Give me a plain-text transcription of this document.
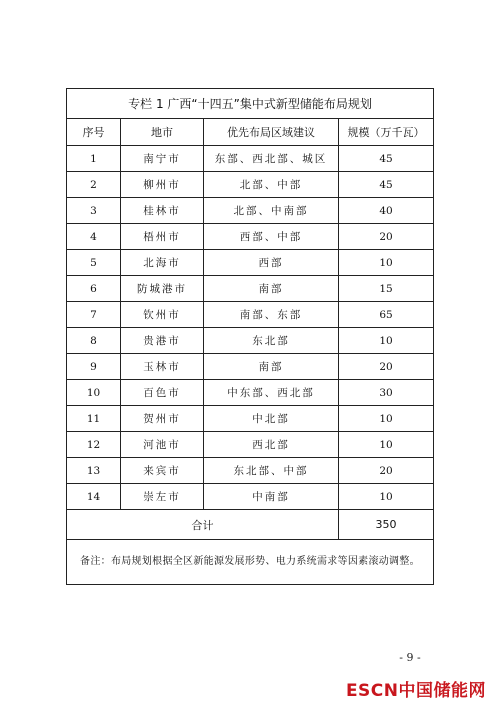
专栏 1 广西“十四五”集中式新型储能布局规划			
序号	地市	优先布局区域建议	规模（万千瓦）
1	南宁市	东部、西北部、城区	45
2	柳州市	北部、中部	45
3	桂林市	北部、中南部	40
4	梧州市	西部、中部	20
5	北海市	西部	10
6	防城港市	南部	15
7	钦州市	南部、东部	65
8	贵港市	东北部	10
9	玉林市	南部	20
10	百色市	中东部、西北部	30
11	贺州市	中北部	10
12	河池市	西北部	10
13	来宾市	东北部、中部	20
14	崇左市	中南部	10
合计			350
备注：布局规划根据全区新能源发展形势、电力系统需求等因素滚动调整。			
- 9 -
ESCN中国储能网
